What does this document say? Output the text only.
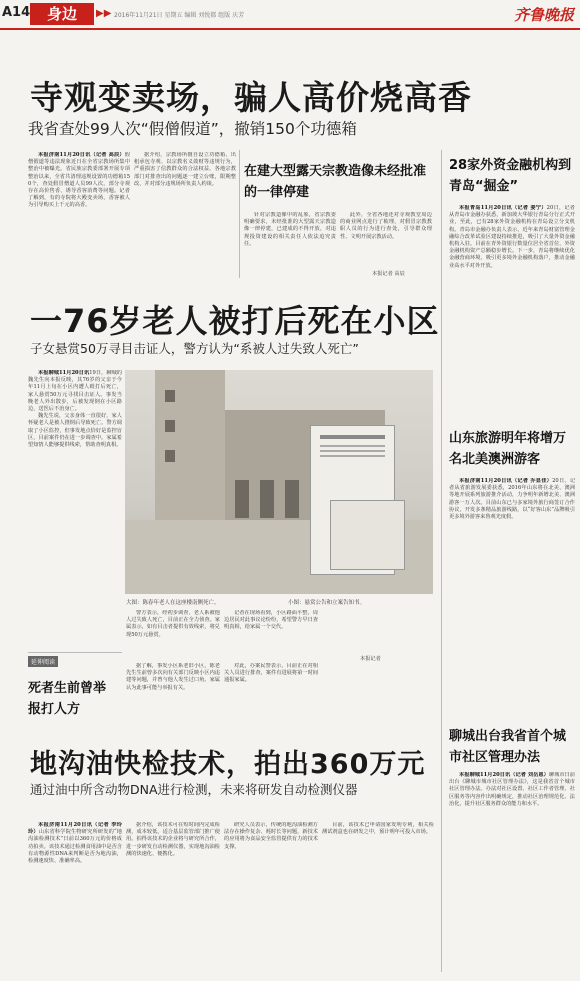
A14	身边	▶▶ 2016年11月21日 星期五 编辑 刘悦都 组版 庆芳	齐鲁晚报
寺观变卖场，骗人高价烧高香
我省查处99人次“假僧假道”，撤销150个功德箱

本报济南11月20日讯（记者 高辰）假僧假道等违法现象近日在全省宗教场所集中整治中被曝光。省民族宗教委部署开展专项整治以来，全省共清理违规设置的功德箱150个，查处假冒僧道人员99人次，部分寺观存在高价售香、诱导香客消费等问题。记者了解到，有的寺院将大殿变卖场，香客被人为引导购买上千元的高香。

据介绍，宗教场所擅自设立功德箱、出租承包寺观、以宗教名义敛财等违规行为，严重损害了信教群众的合法权益。各地宗教部门对排查出的问题逐一建立台账，限期整改，并对部分违规场所负责人约谈。

在建大型露天宗教造像未经批准的一律停建

针对宗教造像中的乱象，省宗教委明确要求，未经批准的大型露天宗教造像一律停建，已建成的不得开放，对违规投资建设的相关责任人依法追究责任。

此外，全省各地还对寺观教堂周边的商业网点进行了梳理，对假冒宗教教职人员的行为进行查处，引导群众理性、文明开展宗教活动。

本报记者 高辰
一76岁老人被打后死在小区
子女悬赏50万寻目击证人，警方认为“系被人过失致人死亡”

本报聊城11月20日讯19日，聊城的魏先生向本报反映，其76岁的父亲于今年11月上旬在小区内遭人殴打后死亡，家人悬赏50万元寻找目击证人。事发当晚老人外出散步，后被发现倒在小区路边，送医后不治身亡。

魏先生说，父亲身体一直很好，家人怀疑老人是被人推倒后导致死亡。警方调取了小区监控，但事发地点恰好是监控盲区，目前案件仍在进一步调查中。家属希望知情人能够提供线索，帮助查明真相。

大图：陈春年老人在这座楼南侧死亡。	小图：悬赏公告和立案告知书。

警方表示，经初步调查，老人系被他人过失致人死亡，目前正在全力侦查。家属表示，如有目击者提供有效线索，将兑现50万元悬赏。

记者在现场看到，小区路面平整，周边居民对此事议论纷纷，希望警方早日查明真相，给家属一个交代。

本报记者
延伸阅读
死者生前曾举报打人方

据了解，事发小区系老旧小区，陈老先生生前曾多次向有关部门反映小区内违建等问题，并曾与他人发生过口角。家属认为此事可能与举报有关。

对此，办案民警表示，目前正在对相关人员进行排查，案件有进展将第一时间通报家属。

地沟油快检技术，拍出360万元
通过油中所含动物DNA进行检测，未来将研发自动检测仪器

本报济南11月20日讯（记者 李玲玲）山东省科学院生物研究所研发的“地沟油检测技术”日前以360万元的价格成功拍卖。该技术通过检测食用油中是否含有动物源性DNA来判断是否为地沟油，检测速度快、准确率高。

据介绍，该技术可在短时间内完成检测，成本较低，适合基层监管部门推广使用。拍得该技术的企业将与研究所合作，进一步研发自动检测仪器，实现地沟油检测的快速化、便携化。

研究人员表示，传统的地沟油检测方法存在操作复杂、耗时长等问题，新技术的应用将为食品安全监管提供有力的技术支撑。

目前，该技术已申请国家发明专利，相关检测试剂盒也在研发之中，预计明年可投入市场。

28家外资金融机构到青岛“掘金”

本报青岛11月20日讯（记者 姜宁）20日，记者从青岛市金融办获悉，新加坡大华银行青岛分行正式开业，至此，已有28家外资金融机构在青岛设立分支机构。青岛市金融办负责人表示，近年来青岛财富管理金融综合改革试验区建设持续推进，吸引了大量外资金融机构入驻。目前在青外资银行数量位居全省首位，外资金融机构资产总额稳步增长。下一步，青岛将继续优化金融营商环境，吸引更多境外金融机构落户，推动金融业高水平对外开放。

山东旅游明年将增万名北美澳洲游客

本报济南11月20日讯（记者 乔显佳）20日，记者从省旅游发展委获悉，2016年山东将在北美、澳洲等地开展系列旅游推介活动，力争明年新增北美、澳洲游客一万人次。目前山东已与多家境外旅行商签订合作协议，开发多条精品旅游线路，以“好客山东”品牌吸引更多境外游客来鲁观光度假。

聊城出台我省首个城市社区管理办法

本报聊城11月20日讯（记者 刘岳恩）聊城市日前出台《聊城市城市社区管理办法》，这是我省首个城市社区管理办法。办法对社区设置、社区工作者管理、社区服务等内容作出明确规定，推动社区治理规范化、法治化，提升社区服务群众的能力和水平。
